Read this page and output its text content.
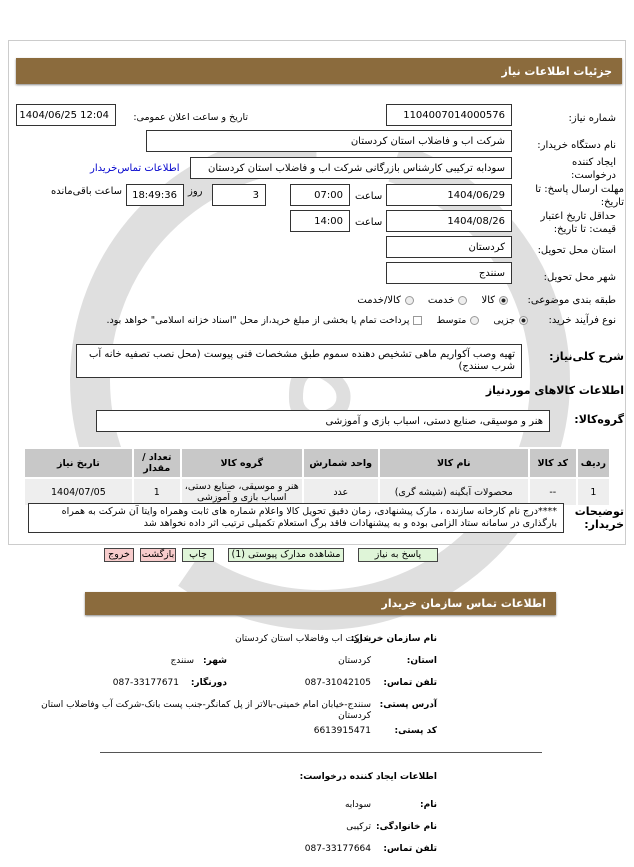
جزئیات اطلاعات نیاز
شماره نیاز:
1104007014000576
تاریخ و ساعت اعلان عمومی:
1404/06/25 12:04
نام دستگاه خریدار:
شرکت اب و فاضلاب استان کردستان
ایجاد کننده درخواست:
سودابه ترکیبی کارشناس بازرگانی شرکت اب و فاضلاب استان کردستان
اطلاعات تماس‌خریدار
مهلت ارسال پاسخ: تا تاریخ:
1404/06/29
ساعت
07:00
3
روز
18:49:36
ساعت باقی‌مانده
حداقل تاریخ اعتبار قیمت: تا تاریخ:
1404/08/26
ساعت
14:00
استان محل تحویل:
کردستان
شهر محل تحویل:
سنندج
طبقه بندی موضوعی:
کالا
خدمت
کالا/خدمت
نوع فرآیند خرید:
جزیی
متوسط
پرداخت تمام یا بخشی از مبلغ خرید،از محل "اسناد خزانه اسلامی" خواهد بود.
شرح کلی‌نیاز:
تهیه وصب آکواریم ماهی تشخیص دهنده سموم طبق مشخصات فنی پیوست (محل نصب تصفیه خانه آب شرب سنندج)
اطلاعات کالاهای موردنیاز
گروه‌کالا:
هنر و موسیقی، صنایع دستی، اسباب بازی و آموزشی
ردیف	کد کالا	نام کالا	واحد شمارش	گروه کالا	تعداد / مقدار	تاریخ نیاز
1	--	محصولات آبگینه (شیشه گری)	عدد	هنر و موسیقی، صنایع دستی، اسباب بازی و آموزشی	1	1404/07/05
توضیحات خریدار:
****درج نام کارخانه سازنده ، مارک پیشنهادی، زمان دقیق تحویل کالا واعلام شماره های ثابت وهمراه وایتا آن شرکت به همراه بارگذاری در سامانه ستاد الزامی بوده و به پیشنهادات فاقد برگ استعلام تکمیلی ترتیب اثر داده نخواهد شد
پاسخ به نیاز
مشاهده مدارک پیوستی (1)
چاپ
بازگشت
خروج
اطلاعات تماس سازمان خریدار
نام سازمان خریدار:
شرکت اب وفاضلاب استان کردستان
استان:
کردستان
شهر:
سنندج
تلفن تماس:
087-31042105
دورنگار:
087-33177671
آدرس پستی:
سنندج-خیابان امام خمینی-بالاتر از پل کمانگر-جنب پست بانک-شرکت آب وفاضلاب استان کردستان
کد پستی:
6613915471
اطلاعات ایجاد کننده درخواست:
نام:
سودابه
نام خانوادگی:
ترکیبی
تلفن تماس:
087-33177664
